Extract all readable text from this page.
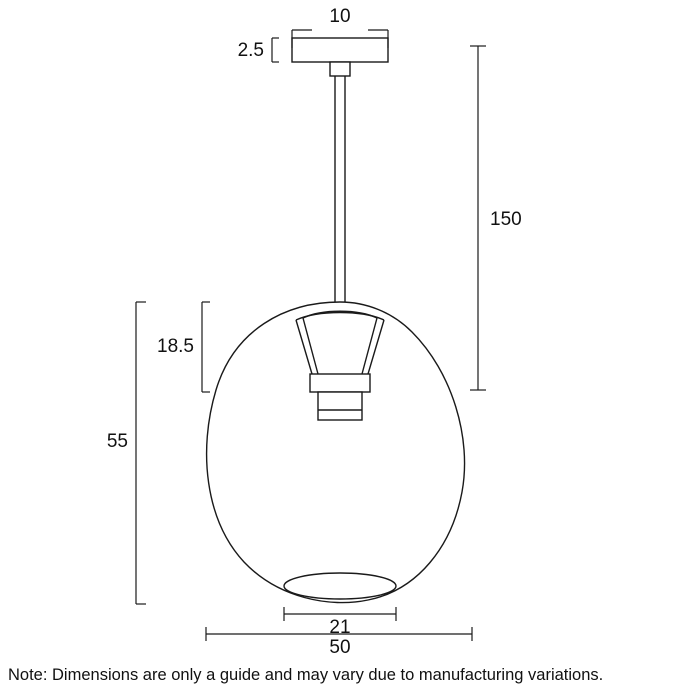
10
2.5
150
18.5
55
21
50
Note: Dimensions are only a guide and may vary due to manufacturing variations.
